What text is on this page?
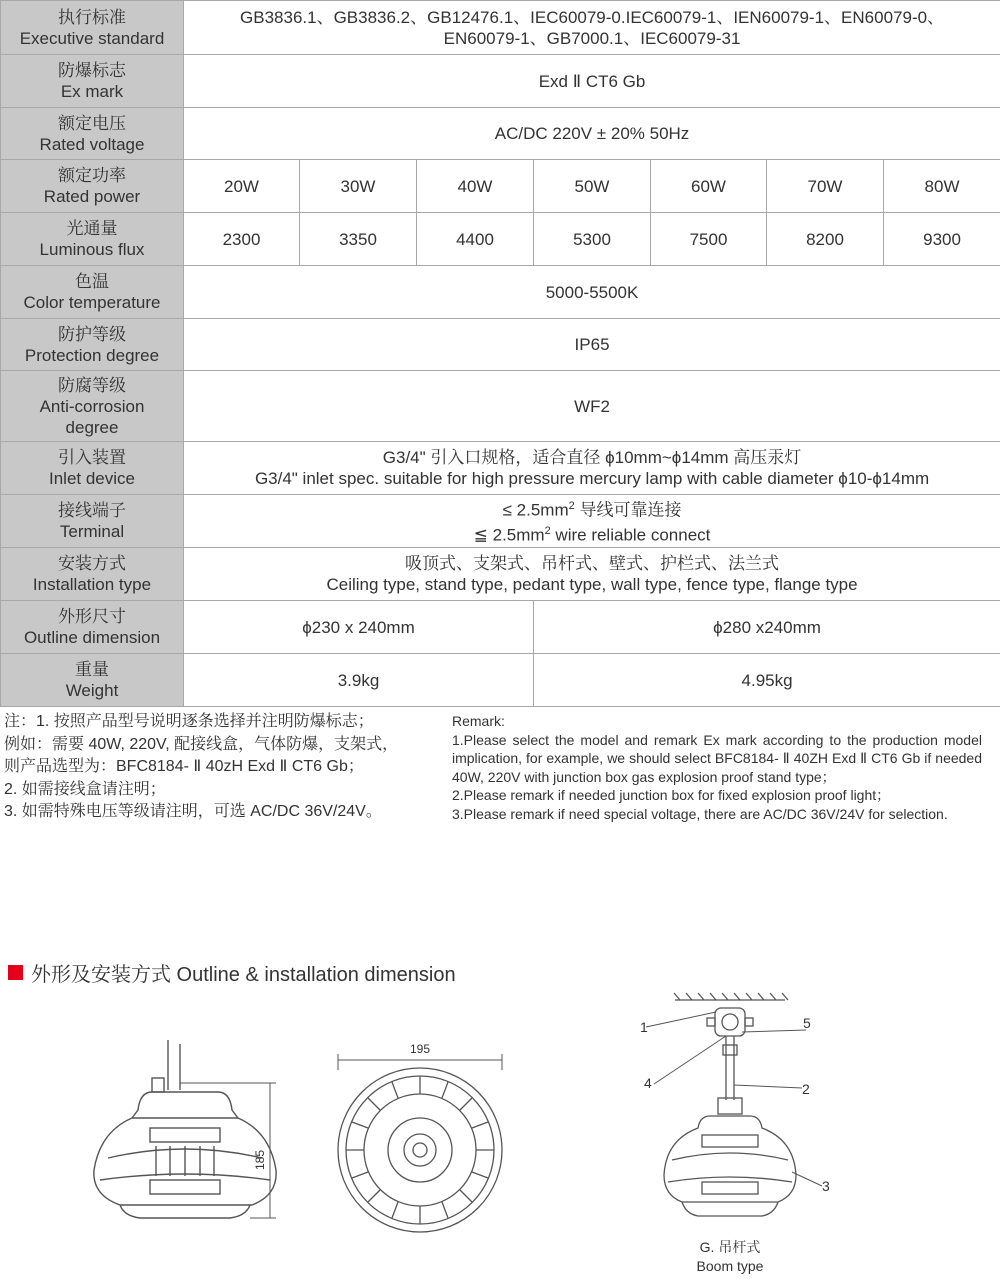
执行标准
Executive standard	GB3836.1、GB3836.2、GB12476.1、IEC60079-0.IEC60079-1、IEN60079-1、EN60079-0、
EN60079-1、GB7000.1、IEC60079-31						

防爆标志
Ex mark	Exd Ⅱ CT6 Gb						

额定电压
Rated voltage	AC/DC 220V ± 20% 50Hz						

额定功率
Rated power	20W	30W	40W	50W	60W	70W	80W

光通量
Luminous flux	2300	3350	4400	5300	7500	8200	9300

色温
Color temperature	5000-5500K						

防护等级
Protection degree	IP65						

防腐等级
Anti-corrosion
degree	WF2						

引入装置
Inlet device	G3/4" 引入口规格，适合直径 ϕ10mm~ϕ14mm 高压汞灯
G3/4" inlet spec. suitable for high pressure mercury lamp with cable diameter ϕ10-ϕ14mm						

接线端子
Terminal	≤ $2.5mm^2$ 导线可靠连接
≦ $2.5mm^2$ wire reliable connect						

安装方式
Installation type	吸顶式、支架式、吊杆式、壁式、护栏式、法兰式
Ceiling type, stand type, pedant type, wall type, fence type, flange type						

外形尺寸
Outline dimension	ϕ230 x 240mm			ϕ280 x240mm			

重量
Weight	3.9kg			4.95kg			
注：1. 按照产品型号说明逐条选择并注明防爆标志；
例如：需要 40W, 220V, 配接线盒，气体防爆，支架式，
则产品选型为：BFC8184- Ⅱ 40zH Exd Ⅱ CT6 Gb；
2. 如需接线盒请注明；
3. 如需特殊电压等级请注明，可选 AC/DC 36V/24V。
Remark:
1.Please select the model and remark Ex mark according to the production model implication, for example, we should select BFC8184- Ⅱ 40ZH Exd Ⅱ CT6 Gb if needed 40W, 220V with junction box gas explosion proof stand type；
2.Please remark if needed junction box for fixed explosion proof light；
3.Please remark if need special voltage, there are AC/DC 36V/24V for selection.
外形及安装方式 Outline & installation dimension
185
195
1	5
4	2
3
G. 吊杆式
Boom type
